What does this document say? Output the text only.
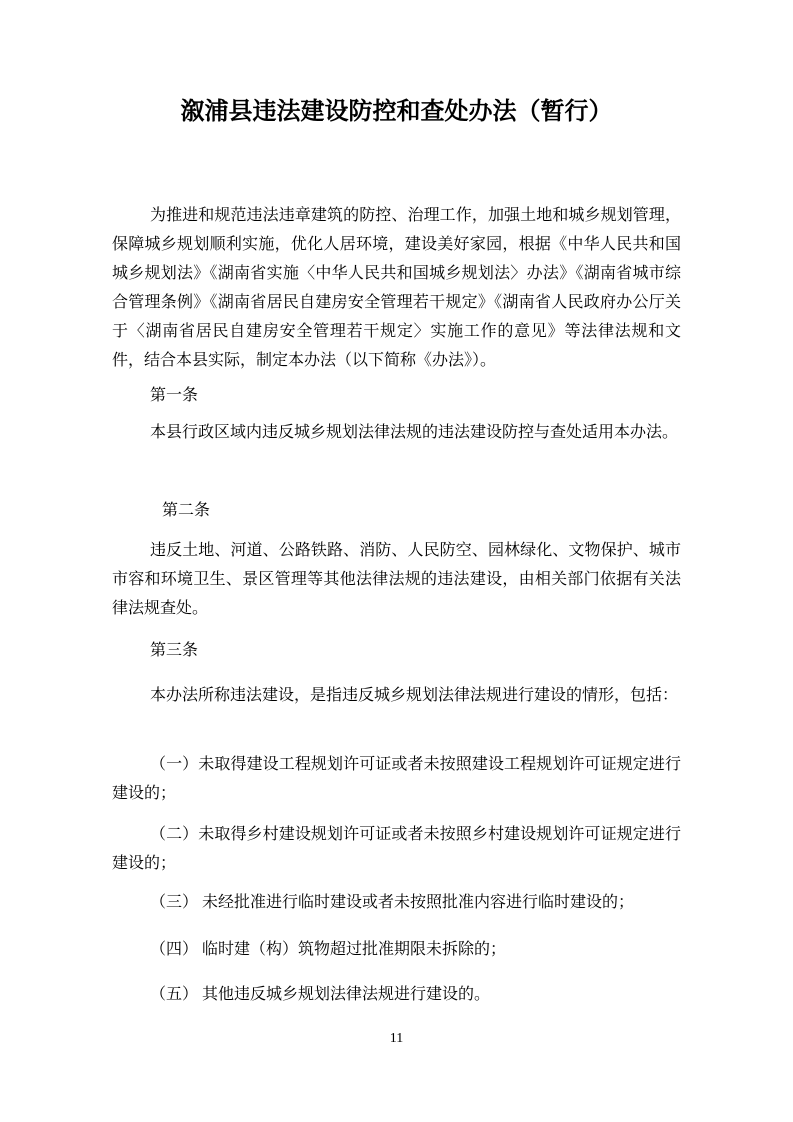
溆浦县违法建设防控和查处办法（暂行）

为推进和规范违法违章建筑的防控、治理工作，加强土地和城乡规划管理，保障城乡规划顺利实施，优化人居环境，建设美好家园，根据《中华人民共和国城乡规划法》《湖南省实施〈中华人民共和国城乡规划法〉办法》《湖南省城市综合管理条例》《湖南省居民自建房安全管理若干规定》《湖南省人民政府办公厅关于〈湖南省居民自建房安全管理若干规定〉实施工作的意见》等法律法规和文件，结合本县实际，制定本办法（以下简称《办法》）。

第一条

本县行政区域内违反城乡规划法律法规的违法建设防控与查处适用本办法。

第二条

违反土地、河道、公路铁路、消防、人民防空、园林绿化、文物保护、城市市容和环境卫生、景区管理等其他法律法规的违法建设，由相关部门依据有关法律法规查处。

第三条

本办法所称违法建设，是指违反城乡规划法律法规进行建设的情形，包括：

（一）未取得建设工程规划许可证或者未按照建设工程规划许可证规定进行建设的；

（二）未取得乡村建设规划许可证或者未按照乡村建设规划许可证规定进行建设的；

（三） 未经批准进行临时建设或者未按照批准内容进行临时建设的；

（四） 临时建（构）筑物超过批准期限未拆除的；

（五） 其他违反城乡规划法律法规进行建设的。

11
